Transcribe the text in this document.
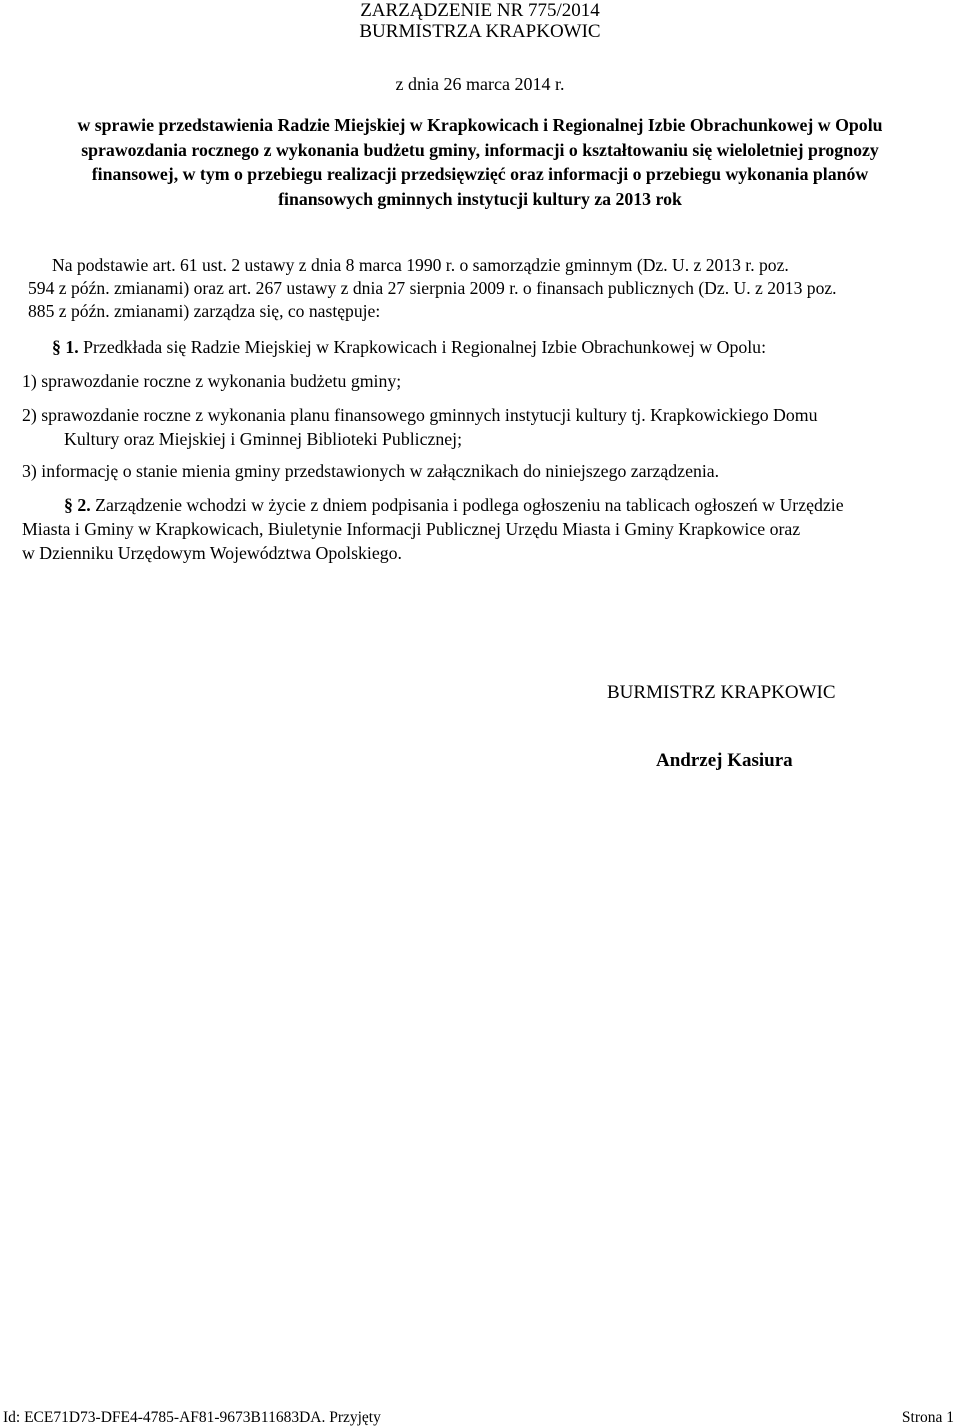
ZARZĄDZENIE NR 775/2014
BURMISTRZA KRAPKOWIC
z dnia 26 marca 2014 r.
w sprawie przedstawienia Radzie Miejskiej w Krapkowicach i Regionalnej Izbie Obrachunkowej w Opolu
sprawozdania rocznego z wykonania budżetu gminy, informacji o kształtowaniu się wieloletniej prognozy
finansowej, w tym o przebiegu realizacji przedsięwzięć oraz informacji o przebiegu wykonania planów
finansowych gminnych instytucji kultury za 2013 rok
Na podstawie art. 61 ust. 2 ustawy z dnia 8 marca 1990 r. o samorządzie gminnym (Dz. U. z 2013 r. poz.
594 z późn. zmianami) oraz art. 267 ustawy z dnia 27 sierpnia 2009 r. o finansach publicznych (Dz. U. z 2013 poz.
885 z późn. zmianami) zarządza się, co następuje:
§ 1. Przedkłada się Radzie Miejskiej w Krapkowicach i Regionalnej Izbie Obrachunkowej w Opolu:
1) sprawozdanie roczne z wykonania budżetu gminy;
2) sprawozdanie roczne z wykonania planu finansowego gminnych instytucji kultury tj. Krapkowickiego Domu
Kultury oraz Miejskiej i Gminnej Biblioteki Publicznej;
3) informację o stanie mienia gminy przedstawionych w załącznikach do niniejszego zarządzenia.
§ 2. Zarządzenie wchodzi w życie z dniem podpisania i podlega ogłoszeniu na tablicach ogłoszeń w Urzędzie
Miasta i Gminy w Krapkowicach, Biuletynie Informacji Publicznej Urzędu Miasta i Gminy Krapkowice oraz
w Dzienniku Urzędowym Województwa Opolskiego.
BURMISTRZ KRAPKOWIC
Andrzej Kasiura
Id: ECE71D73-DFE4-4785-AF81-9673B11683DA. Przyjęty	Strona 1
